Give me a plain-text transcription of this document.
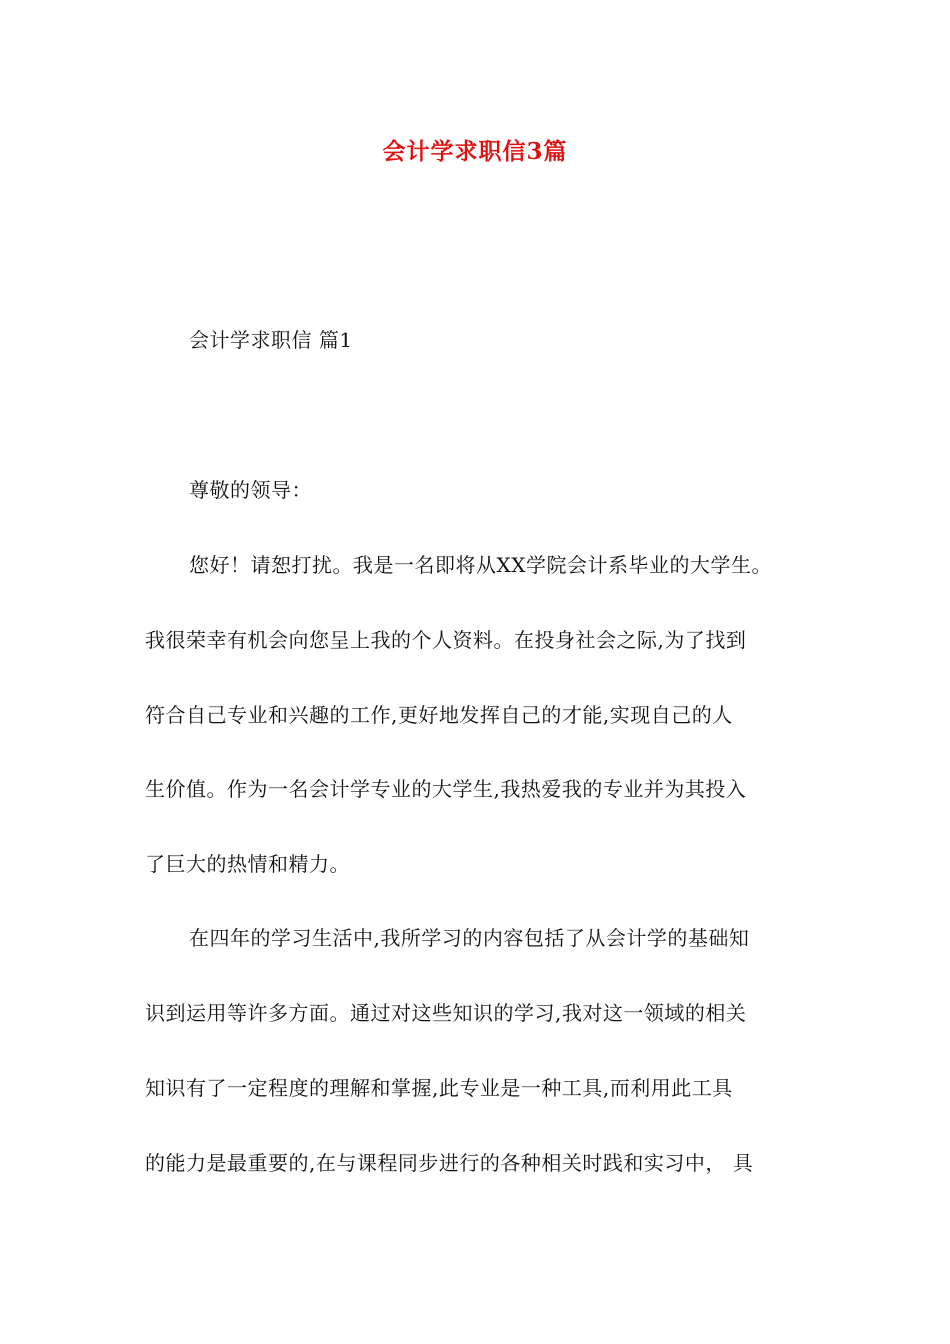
会计学求职信3篇
会计学求职信 篇1
尊敬的领导：
您好！请恕打扰。我是一名即将从XX学院会计系毕业的大学生。
我很荣幸有机会向您呈上我的个人资料。在投身社会之际,为了找到
符合自己专业和兴趣的工作,更好地发挥自己的才能,实现自己的人
生价值。作为一名会计学专业的大学生,我热爱我的专业并为其投入
了巨大的热情和精力。
在四年的学习生活中,我所学习的内容包括了从会计学的基础知
识到运用等许多方面。通过对这些知识的学习,我对这一领域的相关
知识有了一定程度的理解和掌握,此专业是一种工具,而利用此工具
的能力是最重要的,在与课程同步进行的各种相关时践和实习中， 具
